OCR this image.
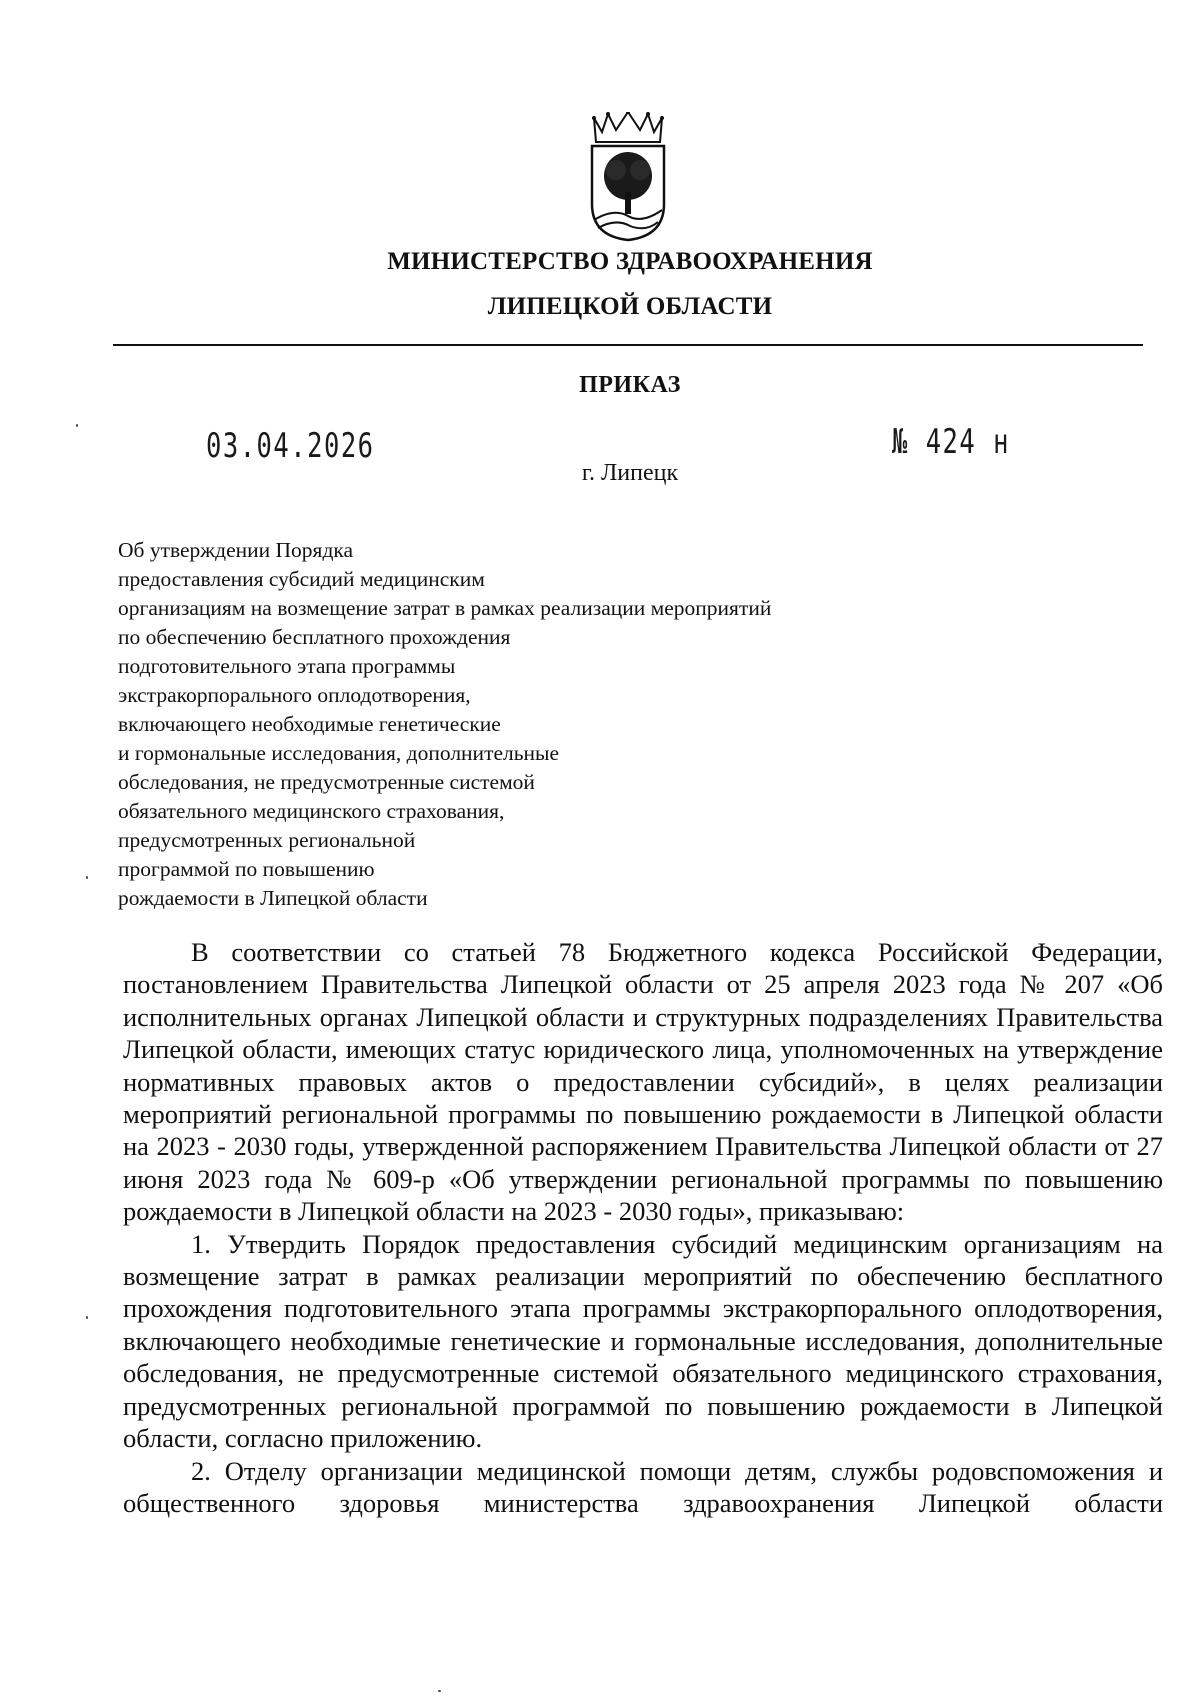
МИНИСТЕРСТВО ЗДРАВООХРАНЕНИЯ
ЛИПЕЦКОЙ ОБЛАСТИ
ПРИКАЗ
03.04.2026	№ 424 н
г. Липецк
Об утверждении Порядка
предоставления субсидий медицинским
организациям на возмещение затрат в рамках реализации мероприятий
по обеспечению бесплатного прохождения
подготовительного этапа программы
экстракорпорального оплодотворения,
включающего необходимые генетические
и гормональные исследования, дополнительные
обследования, не предусмотренные системой
обязательного медицинского страхования,
предусмотренных региональной
программой по повышению
рождаемости в Липецкой области

В соответствии со статьей 78 Бюджетного кодекса Российской Федерации, постановлением Правительства Липецкой области от 25 апреля 2023 года № 207 «Об исполнительных органах Липецкой области и структурных подразделениях Правительства Липецкой области, имеющих статус юридического лица, уполномоченных на утверждение нормативных правовых актов о предоставлении субсидий», в целях реализации мероприятий региональной программы по повышению рождаемости в Липецкой области на 2023 - 2030 годы, утвержденной распоряжением Правительства Липецкой области от 27 июня 2023 года № 609-р «Об утверждении региональной программы по повышению рождаемости в Липецкой области на 2023 - 2030 годы», приказываю:

1. Утвердить Порядок предоставления субсидий медицинским организациям на возмещение затрат в рамках реализации мероприятий по обеспечению бесплатного прохождения подготовительного этапа программы экстракорпорального оплодотворения, включающего необходимые генетические и гормональные исследования, дополнительные обследования, не предусмотренные системой обязательного медицинского страхования, предусмотренных региональной программой по повышению рождаемости в Липецкой области, согласно приложению.

2. Отделу организации медицинской помощи детям, службы родовспоможения и общественного здоровья министерства здравоохранения Липецкой области
